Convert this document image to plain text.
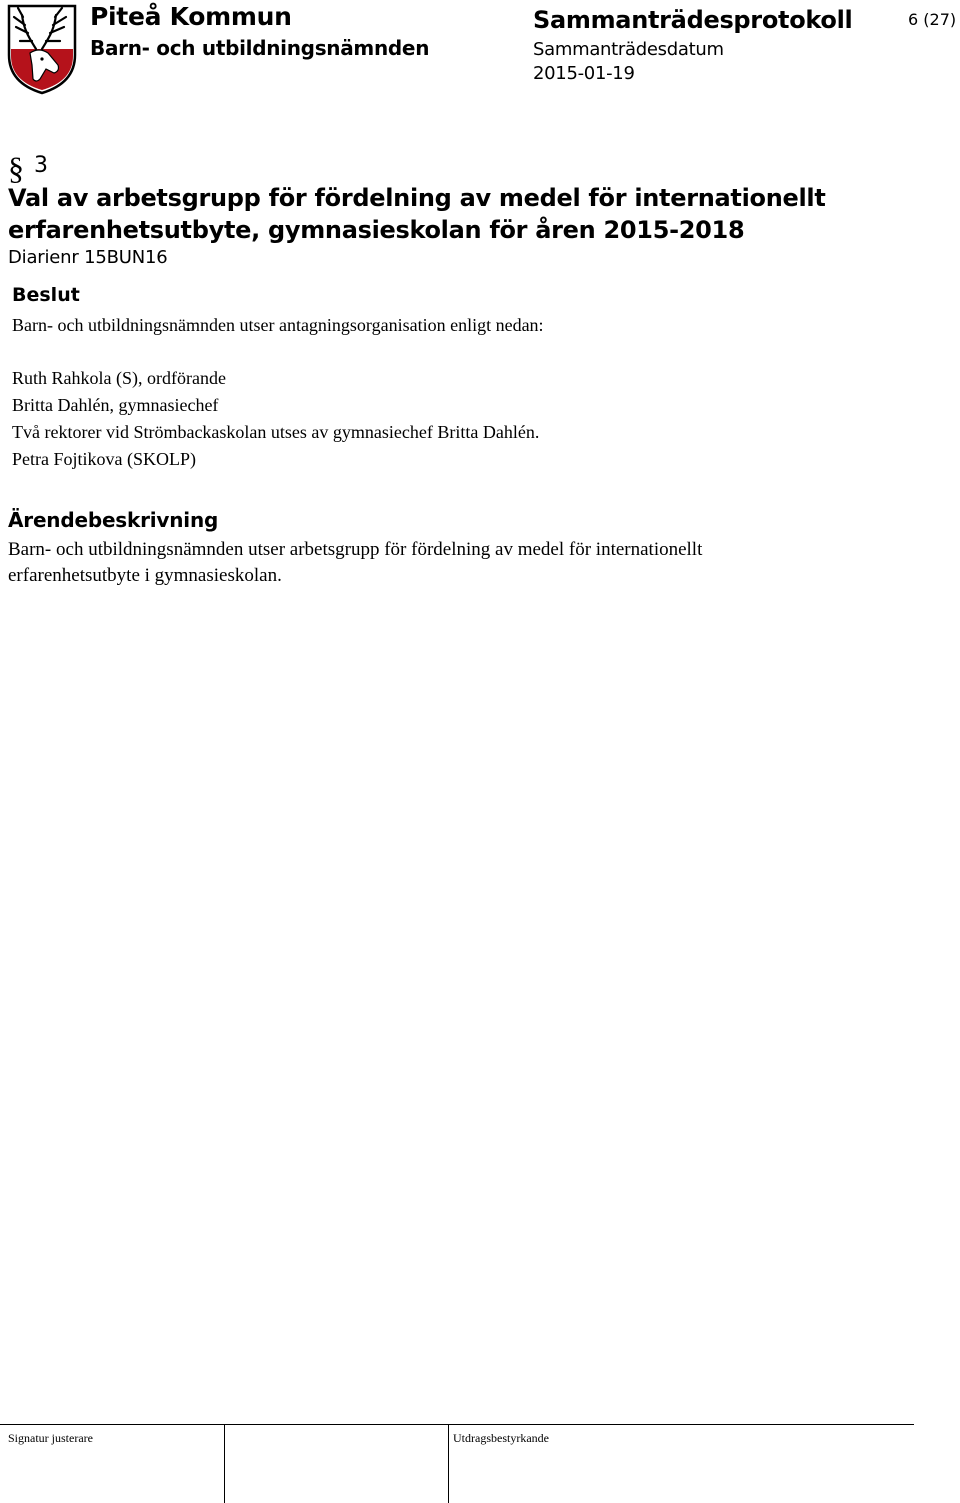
Piteå Kommun
Barn- och utbildningsnämnden
Sammanträdesprotokoll
Sammanträdesdatum
2015-01-19
6 (27)
§ 3
Val av arbetsgrupp för fördelning av medel för internationellt erfarenhetsutbyte, gymnasieskolan för åren 2015-2018
Diarienr 15BUN16
Beslut
Barn- och utbildningsnämnden utser antagningsorganisation enligt nedan:
Ruth Rahkola (S), ordförande
Britta Dahlén, gymnasiechef
Två rektorer vid Strömbackaskolan utses av gymnasiechef Britta Dahlén.
Petra Fojtikova (SKOLP)
Ärendebeskrivning
Barn- och utbildningsnämnden utser arbetsgrupp för fördelning av medel för internationellt
erfarenhetsutbyte i gymnasieskolan.
Signatur justerare	Utdragsbestyrkande
